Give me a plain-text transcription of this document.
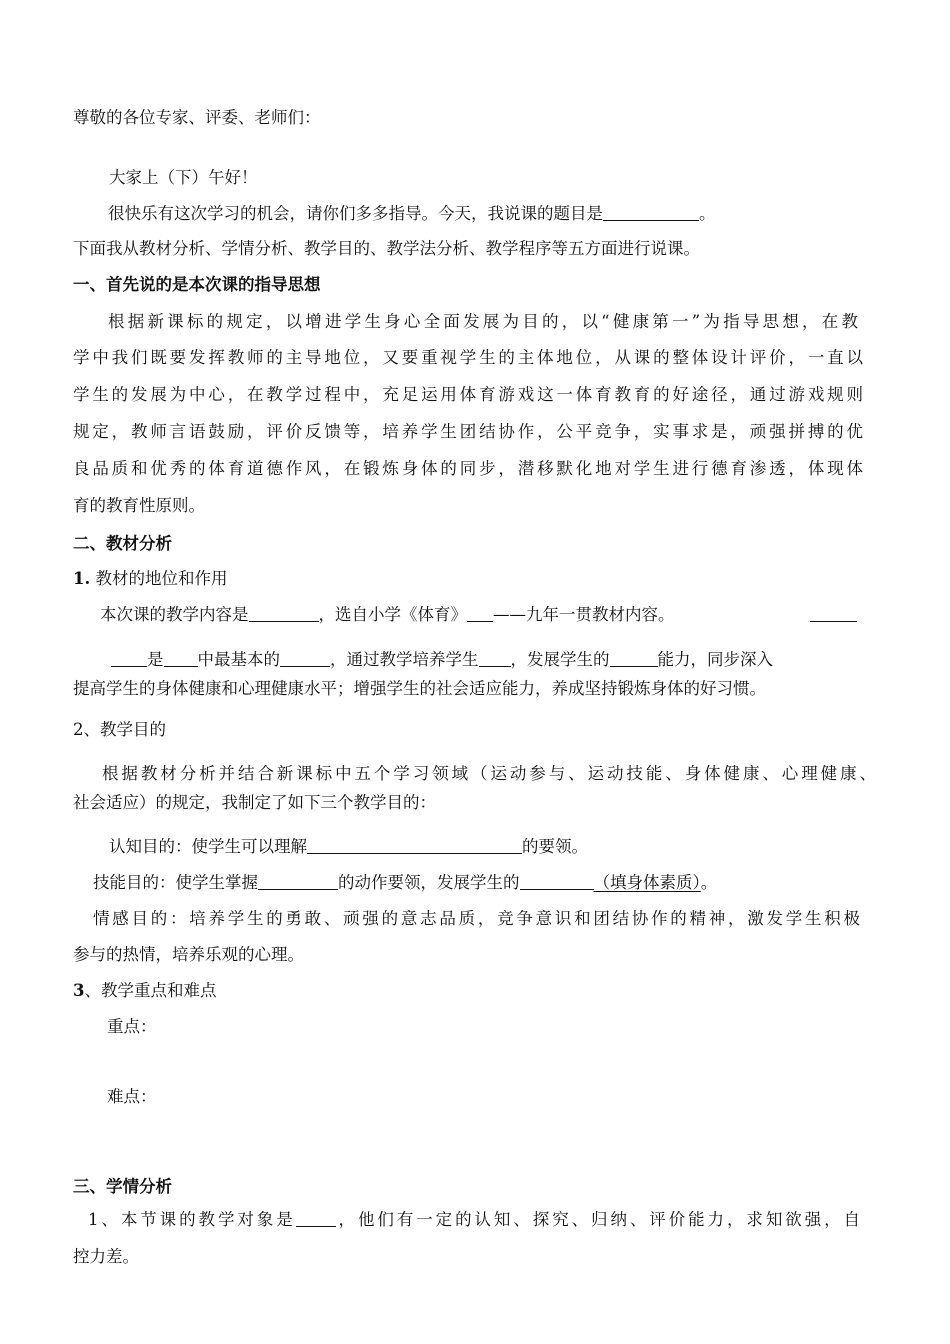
尊敬的各位专家、评委、老师们：
大家上（下）午好！
很快乐有这次学习的机会，请你们多多指导。今天，我说课的题目是	。
下面我从教材分析、学情分析、教学目的、教学法分析、教学程序等五方面进行说课。
一、首先说的是本次课的指导思想
根据新课标的规定，以增进学生身心全面发展为目的，以“健康第一”为指导思想，在教
学中我们既要发挥教师的主导地位，又要重视学生的主体地位，从课的整体设计评价，一直以
学生的发展为中心，在教学过程中，充足运用体育游戏这一体育教育的好途径，通过游戏规则
规定，教师言语鼓励，评价反馈等，培养学生团结协作，公平竞争，实事求是，顽强拼搏的优
良品质和优秀的体育道德作风，在锻炼身体的同步，潜移默化地对学生进行德育渗透，体现体
育的教育性原则。
二、教材分析
1. 教材的地位和作用
本次课的教学内容是	，选自小学《体育》 ——九年一贯教材内容。
是 中最基本的	，通过教学培养学生 ，发展学生的	能力，同步深入
提高学生的身体健康和心理健康水平；增强学生的社会适应能力，养成坚持锻炼身体的好习惯。
2、教学目的
根据教材分析并结合新课标中五个学习领域（运动参与、运动技能、身体健康、心理健康、
社会适应）的规定，我制定了如下三个教学目的：
认知目的：使学生可以理解	的要领。
技能目的：使学生掌握	的动作要领，发展学生的	（填身体素质）。
情感目的：培养学生的勇敢、顽强的意志品质，竞争意识和团结协作的精神，激发学生积极
参与的热情，培养乐观的心理。
3、教学重点和难点
重点：
难点：
三、学情分析
1、本节课的教学对象是 ，他们有一定的认知、探究、归纳、评价能力，求知欲强，自
控力差。
